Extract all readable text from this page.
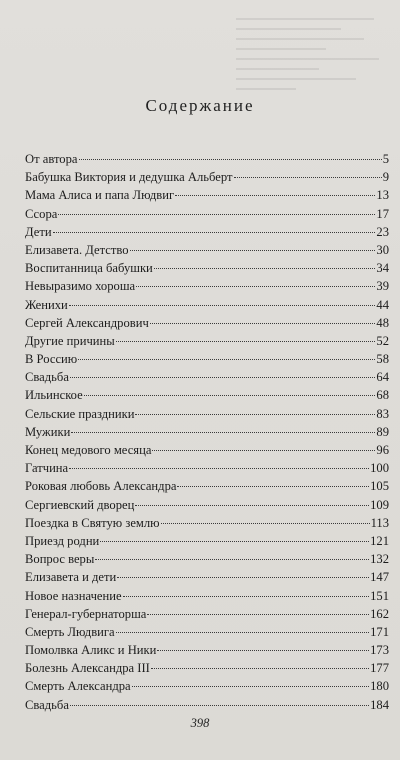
Содержание
От автора	5
Бабушка Виктория и дедушка Альберт	9
Мама Алиса и папа Людвиг	13
Ссора	17
Дети	23
Елизавета. Детство	30
Воспитанница бабушки	34
Невыразимо хороша	39
Женихи	44
Сергей Александрович	48
Другие причины	52
В Россию	58
Свадьба	64
Ильинское	68
Сельские праздники	83
Мужики	89
Конец медового месяца	96
Гатчина	100
Роковая любовь Александра	105
Сергиевский дворец	109
Поездка в Святую землю	113
Приезд родни	121
Вопрос веры	132
Елизавета и дети	147
Новое назначение	151
Генерал-губернаторша	162
Смерть Людвига	171
Помолвка Аликс и Ники	173
Болезнь Александра III	177
Смерть Александра	180
Свадьба	184
398
